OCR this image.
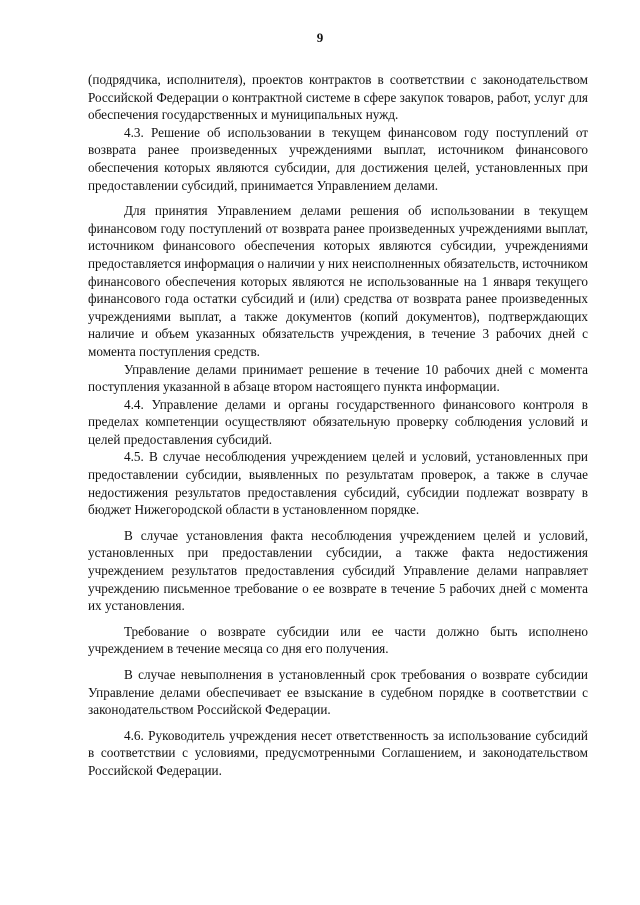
9

(подрядчика, исполнителя), проектов контрактов в соответствии с законодательством Российской Федерации о контрактной системе в сфере закупок товаров, работ, услуг для обеспечения государственных и муниципальных нужд.

4.3. Решение об использовании в текущем финансовом году поступлений от возврата ранее произведенных учреждениями выплат, источником финансового обеспечения которых являются субсидии, для достижения целей, установленных при предоставлении субсидий, принимается Управлением делами.

Для принятия Управлением делами решения об использовании в текущем финансовом году поступлений от возврата ранее произведенных учреждениями выплат, источником финансового обеспечения которых являются субсидии, учреждениями предоставляется информация о наличии у них неисполненных обязательств, источником финансового обеспечения которых являются не использованные на 1 января текущего финансового года остатки субсидий и (или) средства от возврата ранее произведенных учреждениями выплат, а также документов (копий документов), подтверждающих наличие и объем указанных обязательств учреждения, в течение 3 рабочих дней с момента поступления средств.

Управление делами принимает решение в течение 10 рабочих дней с момента поступления указанной в абзаце втором настоящего пункта информации.

4.4. Управление делами и органы государственного финансового контроля в пределах компетенции осуществляют обязательную проверку соблюдения условий и целей предоставления субсидий.

4.5. В случае несоблюдения учреждением целей и условий, установленных при предоставлении субсидии, выявленных по результатам проверок, а также в случае недостижения результатов предоставления субсидий, субсидии подлежат возврату в бюджет Нижегородской области в установленном порядке.

В случае установления факта несоблюдения учреждением целей и условий, установленных при предоставлении субсидии, а также факта недостижения учреждением результатов предоставления субсидий Управление делами направляет учреждению письменное требование о ее возврате в течение 5 рабочих дней с момента их установления.

Требование о возврате субсидии или ее части должно быть исполнено учреждением в течение месяца со дня его получения.

В случае невыполнения в установленный срок требования о возврате субсидии Управление делами обеспечивает ее взыскание в судебном порядке в соответствии с законодательством Российской Федерации.

4.6. Руководитель учреждения несет ответственность за использование субсидий в соответствии с условиями, предусмотренными Соглашением, и законодательством Российской Федерации.
